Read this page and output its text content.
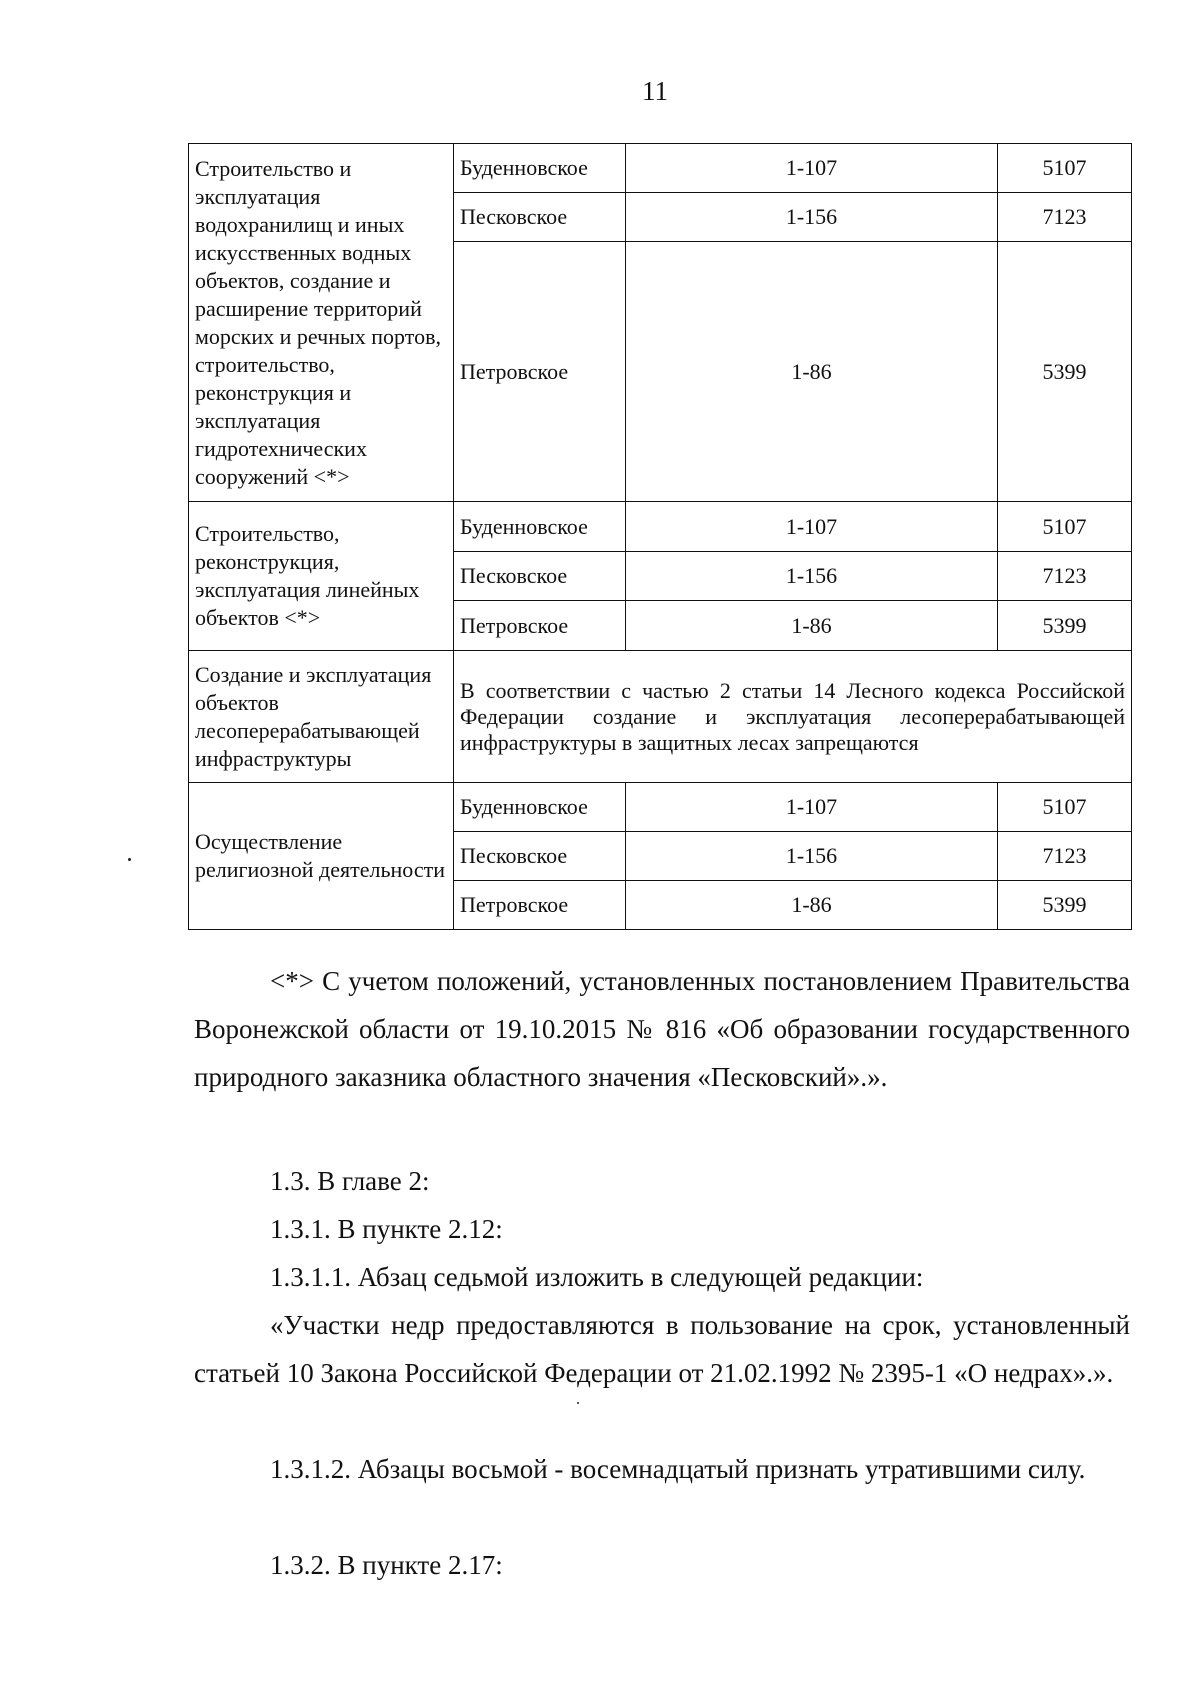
11
Строительство и эксплуатация водохранилищ и иных искусственных водных объектов, создание и расширение территорий морских и речных портов, строительство, реконструкция и эксплуатация гидротехнических сооружений <*>	Буденновское	1-107	5107
	Песковское	1-156	7123
	Петровское	1-86	5399
Строительство, реконструкция, эксплуатация линейных объектов <*>	Буденновское	1-107	5107
	Песковское	1-156	7123
	Петровское	1-86	5399
Создание и эксплуатация объектов лесоперерабатывающей инфраструктуры	В соответствии с частью 2 статьи 14 Лесного кодекса Российской Федерации создание и эксплуатация лесоперерабатывающей инфраструктуры в защитных лесах запрещаются		
Осуществление религиозной деятельности	Буденновское	1-107	5107
	Песковское	1-156	7123
	Петровское	1-86	5399
<*> С учетом положений, установленных постановлением Правительства Воронежской области от 19.10.2015 № 816 «Об образовании государственного природного заказника областного значения «Песковский».».
1.3. В главе 2:
1.3.1. В пункте 2.12:
1.3.1.1. Абзац седьмой изложить в следующей редакции:
«Участки недр предоставляются в пользование на срок, установленный статьей 10 Закона Российской Федерации от 21.02.1992 № 2395-1 «О недрах».».
1.3.1.2. Абзацы восьмой - восемнадцатый признать утратившими силу.
1.3.2. В пункте 2.17:
